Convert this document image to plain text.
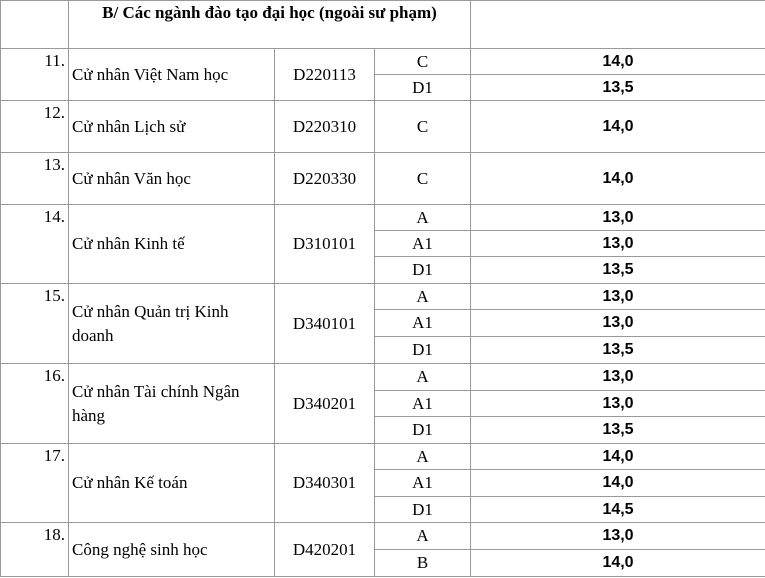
	B/ Các ngành đào tạo đại học (ngoài sư phạm)			
11.	Cử nhân Việt Nam học	D220113	C	14,0
			D1	13,5
12.	Cử nhân Lịch sử	D220310	C	14,0
13.	Cử nhân Văn học	D220330	C	14,0
14.	Cử nhân Kinh tế	D310101	A	13,0
			A1	13,0
			D1	13,5
15.	Cử nhân Quản trị Kinh doanh	D340101	A	13,0
			A1	13,0
			D1	13,5
16.	Cử nhân Tài chính Ngân hàng	D340201	A	13,0
			A1	13,0
			D1	13,5
17.	Cử nhân Kế toán	D340301	A	14,0
			A1	14,0
			D1	14,5
18.	Công nghệ sinh học	D420201	A	13,0
			B	14,0
